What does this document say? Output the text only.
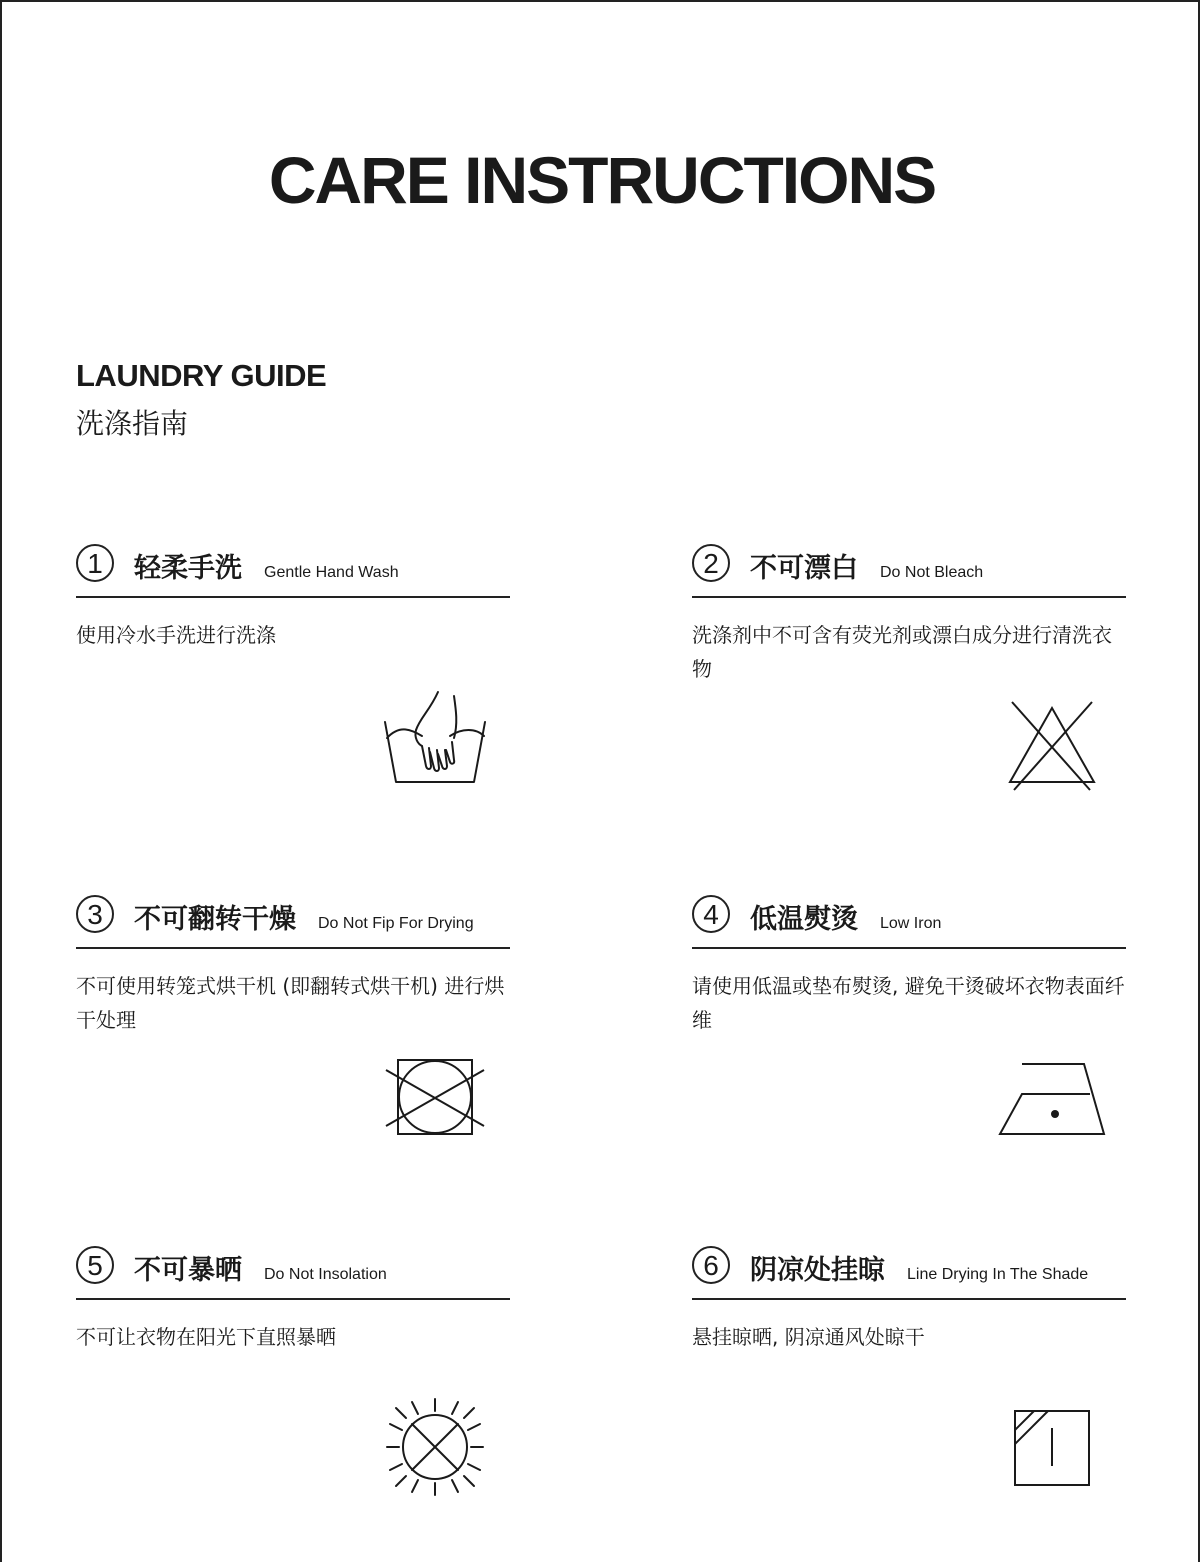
CARE INSTRUCTIONS
LAUNDRY GUIDE
洗涤指南
1	轻柔手洗 Gentle Hand Wash

使用冷水手洗进行洗涤

2	不可漂白 Do Not Bleach

洗涤剂中不可含有荧光剂或漂白成分进行清洗衣物

3	不可翻转干燥 Do Not Fip For Drying

不可使用转笼式烘干机 (即翻转式烘干机) 进行烘干处理

4	低温熨烫 Low Iron

请使用低温或垫布熨烫, 避免干烫破坏衣物表面纤维

5	不可暴晒 Do Not Insolation

不可让衣物在阳光下直照暴晒

6	阴凉处挂晾 Line Drying In The Shade

悬挂晾晒, 阴凉通风处晾干
